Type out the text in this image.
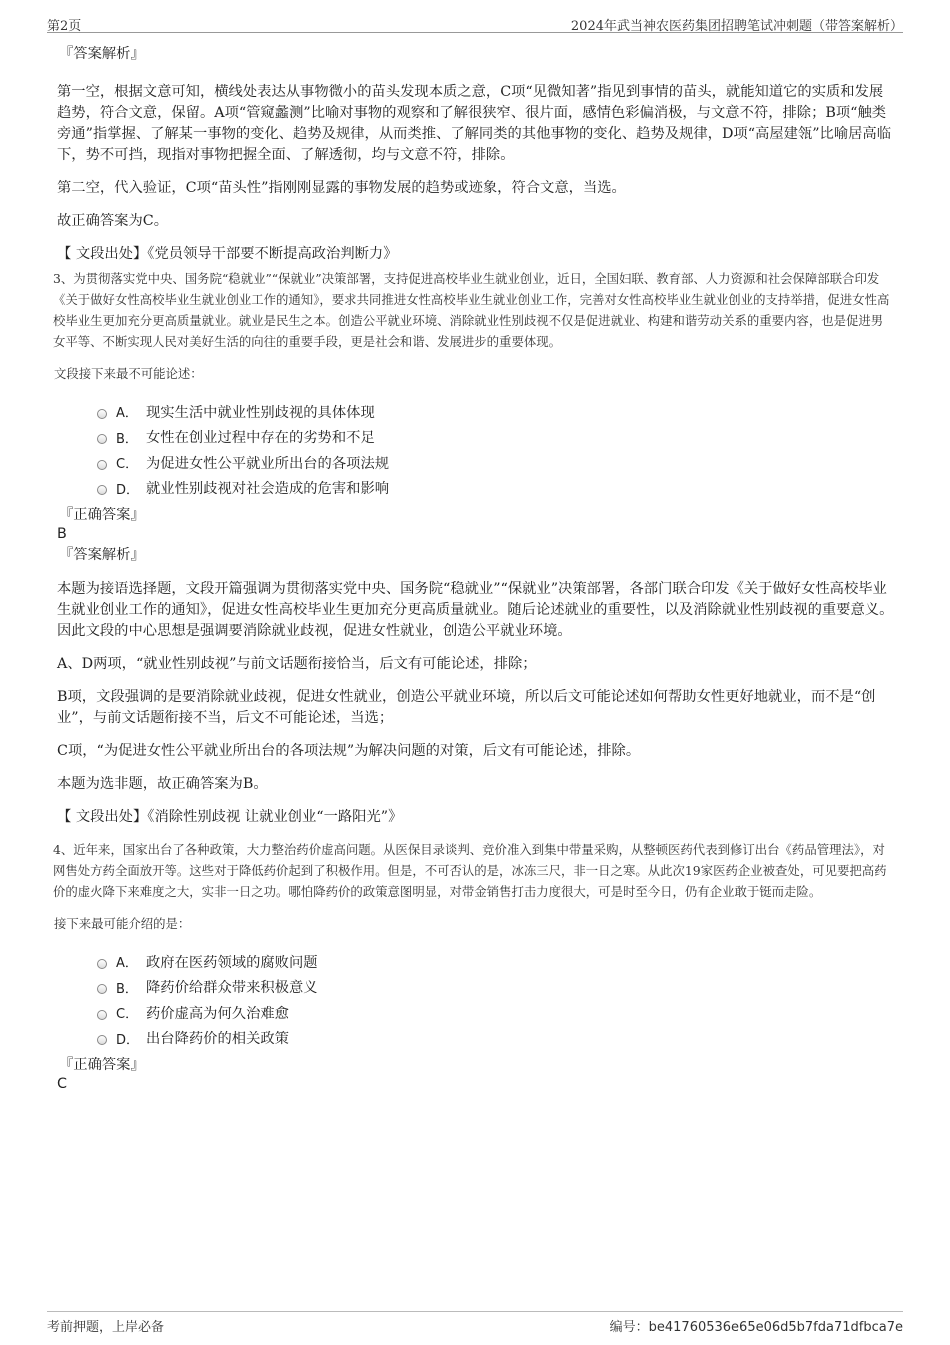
第2页	2024年武当神农医药集团招聘笔试冲刺题（带答案解析）
『答案解析』

第一空，根据文意可知，横线处表达从事物微小的苗头发现本质之意，C项“见微知著”指见到事情的苗头，就能知道它的实质和发展趋势，符合文意，保留。A项“管窥蠡测”比喻对事物的观察和了解很狭窄、很片面，感情色彩偏消极，与文意不符，排除；B项“触类旁通”指掌握、了解某一事物的变化、趋势及规律，从而类推、了解同类的其他事物的变化、趋势及规律，D项“高屋建瓴”比喻居高临下，势不可挡，现指对事物把握全面、了解透彻，均与文意不符，排除。

第二空，代入验证，C项“苗头性”指刚刚显露的事物发展的趋势或迹象，符合文意，当选。

故正确答案为C。

【 文段出处】《党员领导干部要不断提高政治判断力》

3、为贯彻落实党中央、国务院“稳就业”“保就业”决策部署，支持促进高校毕业生就业创业，近日，全国妇联、教育部、人力资源和社会保障部联合印发《关于做好女性高校毕业生就业创业工作的通知》，要求共同推进女性高校毕业生就业创业工作，完善对女性高校毕业生就业创业的支持举措，促进女性高校毕业生更加充分更高质量就业。就业是民生之本。创造公平就业环境、消除就业性别歧视不仅是促进就业、构建和谐劳动关系的重要内容，也是促进男女平等、不断实现人民对美好生活的向往的重要手段，更是社会和谐、发展进步的重要体现。

文段接下来最不可能论述：

A． 现实生活中就业性别歧视的具体体现
B． 女性在创业过程中存在的劣势和不足
C． 为促进女性公平就业所出台的各项法规
D． 就业性别歧视对社会造成的危害和影响
『正确答案』
B
『答案解析』

本题为接语选择题，文段开篇强调为贯彻落实党中央、国务院“稳就业”“保就业”决策部署，各部门联合印发《关于做好女性高校毕业生就业创业工作的通知》，促进女性高校毕业生更加充分更高质量就业。随后论述就业的重要性，以及消除就业性别歧视的重要意义。因此文段的中心思想是强调要消除就业歧视，促进女性就业，创造公平就业环境。

A、D两项，“就业性别歧视”与前文话题衔接恰当，后文有可能论述，排除；

B项，文段强调的是要消除就业歧视，促进女性就业，创造公平就业环境，所以后文可能论述如何帮助女性更好地就业，而不是“创业”，与前文话题衔接不当，后文不可能论述，当选；

C项，“为促进女性公平就业所出台的各项法规”为解决问题的对策，后文有可能论述，排除。

本题为选非题，故正确答案为B。

【 文段出处】《消除性别歧视 让就业创业“一路阳光”》

4、近年来，国家出台了各种政策，大力整治药价虚高问题。从医保目录谈判、竞价准入到集中带量采购，从整顿医药代表到修订出台《药品管理法》，对网售处方药全面放开等。这些对于降低药价起到了积极作用。但是，不可否认的是，冰冻三尺，非一日之寒。从此次19家医药企业被查处，可见要把高药价的虚火降下来难度之大，实非一日之功。哪怕降药价的政策意图明显，对带金销售打击力度很大，可是时至今日，仍有企业敢于铤而走险。

接下来最可能介绍的是：

A． 政府在医药领域的腐败问题
B． 降药价给群众带来积极意义
C． 药价虚高为何久治难愈
D． 出台降药价的相关政策
『正确答案』
C
考前押题，上岸必备	编号：be41760536e65e06d5b7fda71dfbca7e
